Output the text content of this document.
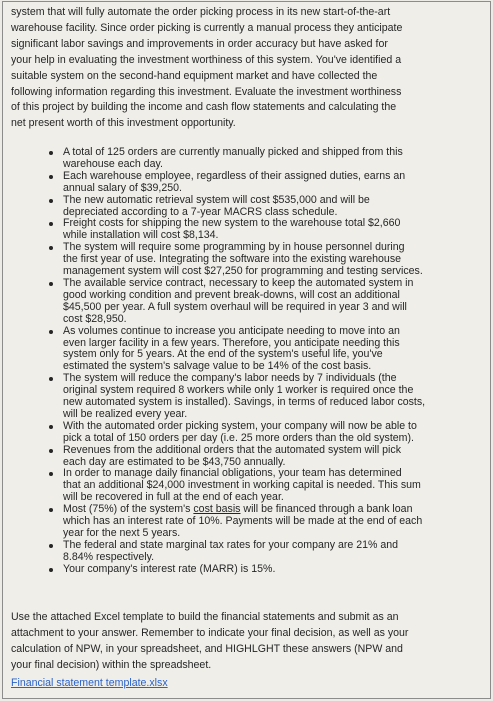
system that will fully automate the order picking process in its new start-of-the-art
warehouse facility. Since order picking is currently a manual process they anticipate
significant labor savings and improvements in order accuracy but have asked for
your help in evaluating the investment worthiness of this system. You've identified a
suitable system on the second-hand equipment market and have collected the
following information regarding this investment. Evaluate the investment worthiness
of this project by building the income and cash flow statements and calculating the
net present worth of this investment opportunity.
A total of 125 orders are currently manually picked and shipped from this
warehouse each day.
Each warehouse employee, regardless of their assigned duties, earns an
annual salary of $39,250.
The new automatic retrieval system will cost $535,000 and will be
depreciated according to a 7-year MACRS class schedule.
Freight costs for shipping the new system to the warehouse total $2,660
while installation will cost $8,134.
The system will require some programming by in house personnel during
the first year of use. Integrating the software into the existing warehouse
management system will cost $27,250 for programming and testing services.
The available service contract, necessary to keep the automated system in
good working condition and prevent break-downs, will cost an additional
$45,500 per year. A full system overhaul will be required in year 3 and will
cost $28,950.
As volumes continue to increase you anticipate needing to move into an
even larger facility in a few years. Therefore, you anticipate needing this
system only for 5 years. At the end of the system's useful life, you've
estimated the system's salvage value to be 14% of the cost basis.
The system will reduce the company's labor needs by 7 individuals (the
original system required 8 workers while only 1 worker is required once the
new automated system is installed). Savings, in terms of reduced labor costs,
will be realized every year.
With the automated order picking system, your company will now be able to
pick a total of 150 orders per day (i.e. 25 more orders than the old system).
Revenues from the additional orders that the automated system will pick
each day are estimated to be $43,750 annually.
In order to manage daily financial obligations, your team has determined
that an additional $24,000 investment in working capital is needed. This sum
will be recovered in full at the end of each year.
Most (75%) of the system's cost basis will be financed through a bank loan
which has an interest rate of 10%. Payments will be made at the end of each
year for the next 5 years.
The federal and state marginal tax rates for your company are 21% and
8.84% respectively.
Your company's interest rate (MARR) is 15%.
Use the attached Excel template to build the financial statements and submit as an
attachment to your answer. Remember to indicate your final decision, as well as your
calculation of NPW, in your spreadsheet, and HIGHLGHT these answers (NPW and
your final decision) within the spreadsheet.
Financial statement template.xlsx
